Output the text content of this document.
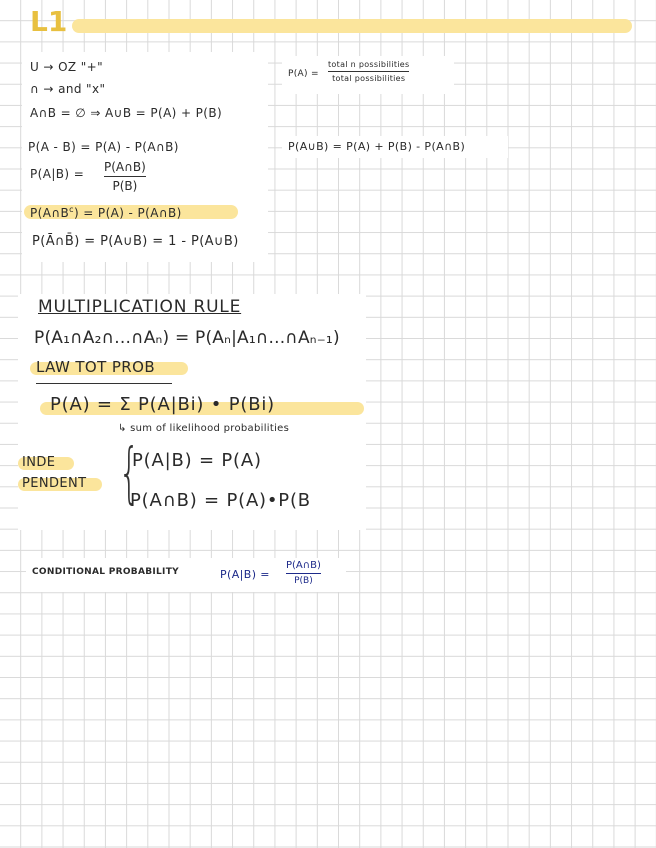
L1
U → OZ "+"
∩ → and "x"
A∩B = ∅ ⇒ A∪B = P(A) + P(B)
P(A - B) = P(A) - P(A∩B)
P(A|B) = P(A∩B)
P(B)
$P(A\cap B^c) = P(A)$ - P(A∩B)
P(Ā∩B̄) = P(A∪B) = 1 - P(A∪B)
P(A) =
total n possibilities
total possibilities
P(A∪B) = P(A) + P(B) - P(A∩B)
MULTIPLICATION RULE
P(A₁∩A₂∩...∩Aₙ) = P(Aₙ|A₁∩...∩Aₙ₋₁)
LAW TOT PROB
P(A) = Σ P(A|Bi) • P(Bi)
↳ sum of likelihood probabilities
INDE
PENDENT {
P(A|B) = P(A)
P(A∩B) = P(A)•P(B
CONDITIONAL PROBABILITY	P(A|B) =
P(A∩B)
P(B)
